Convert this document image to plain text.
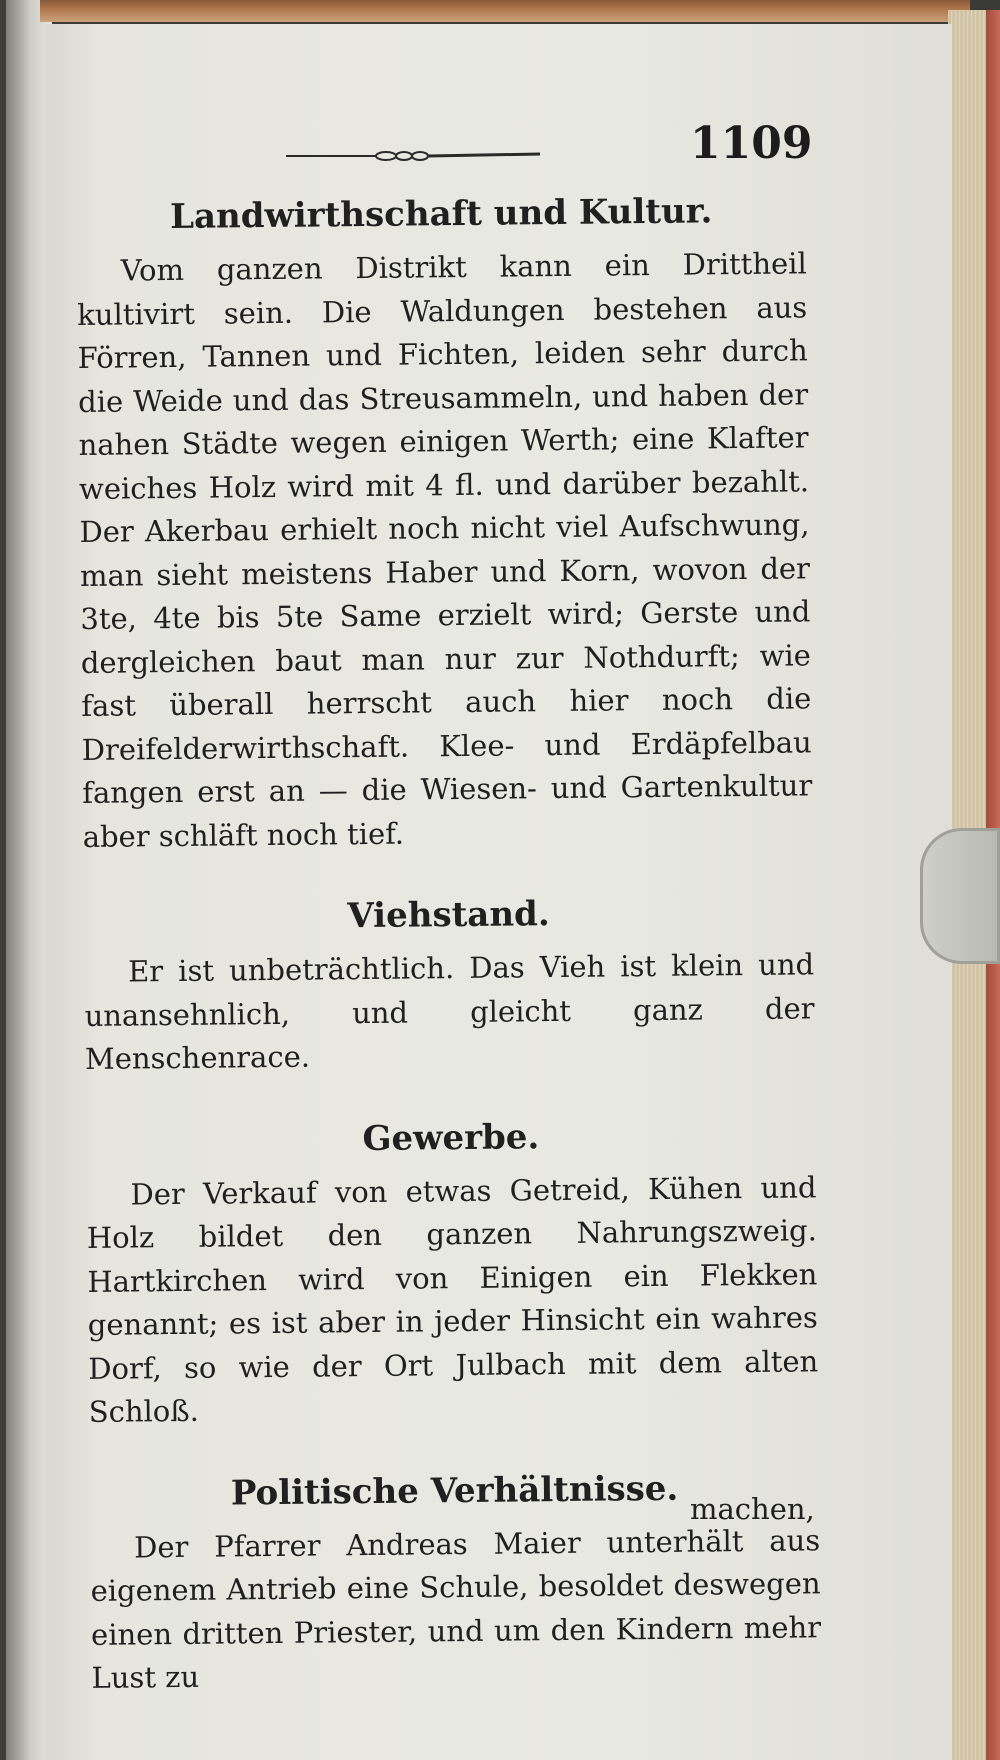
1109
Landwirthschaft und Kultur.

Vom ganzen Distrikt kann ein Drittheil kultivirt sein. Die Waldungen bestehen aus Förren, Tannen und Fichten, leiden sehr durch die Weide und das Streusammeln, und haben der nahen Städte wegen einigen Werth; eine Klafter weiches Holz wird mit 4 fl. und darüber bezahlt. Der Akerbau erhielt noch nicht viel Aufschwung, man sieht meistens Haber und Korn, wovon der 3te, 4te bis 5te Same erzielt wird; Gerste und dergleichen baut man nur zur Nothdurft; wie fast überall herrscht auch hier noch die Dreifelderwirthschaft. Klee- und Erdäpfelbau fangen erst an — die Wiesen- und Gartenkultur aber schläft noch tief.

Viehstand.

Er ist unbeträchtlich. Das Vieh ist klein und unansehnlich, und gleicht ganz der Menschenrace.

Gewerbe.

Der Verkauf von etwas Getreid, Kühen und Holz bildet den ganzen Nahrungszweig. Hartkirchen wird von Einigen ein Flekken genannt; es ist aber in jeder Hinsicht ein wahres Dorf, so wie der Ort Julbach mit dem alten Schloß.

Politische Verhältnisse.

Der Pfarrer Andreas Maier unterhält aus eigenem Antrieb eine Schule, besoldet deswegen einen dritten Priester, und um den Kindern mehr Lust zu

machen,
